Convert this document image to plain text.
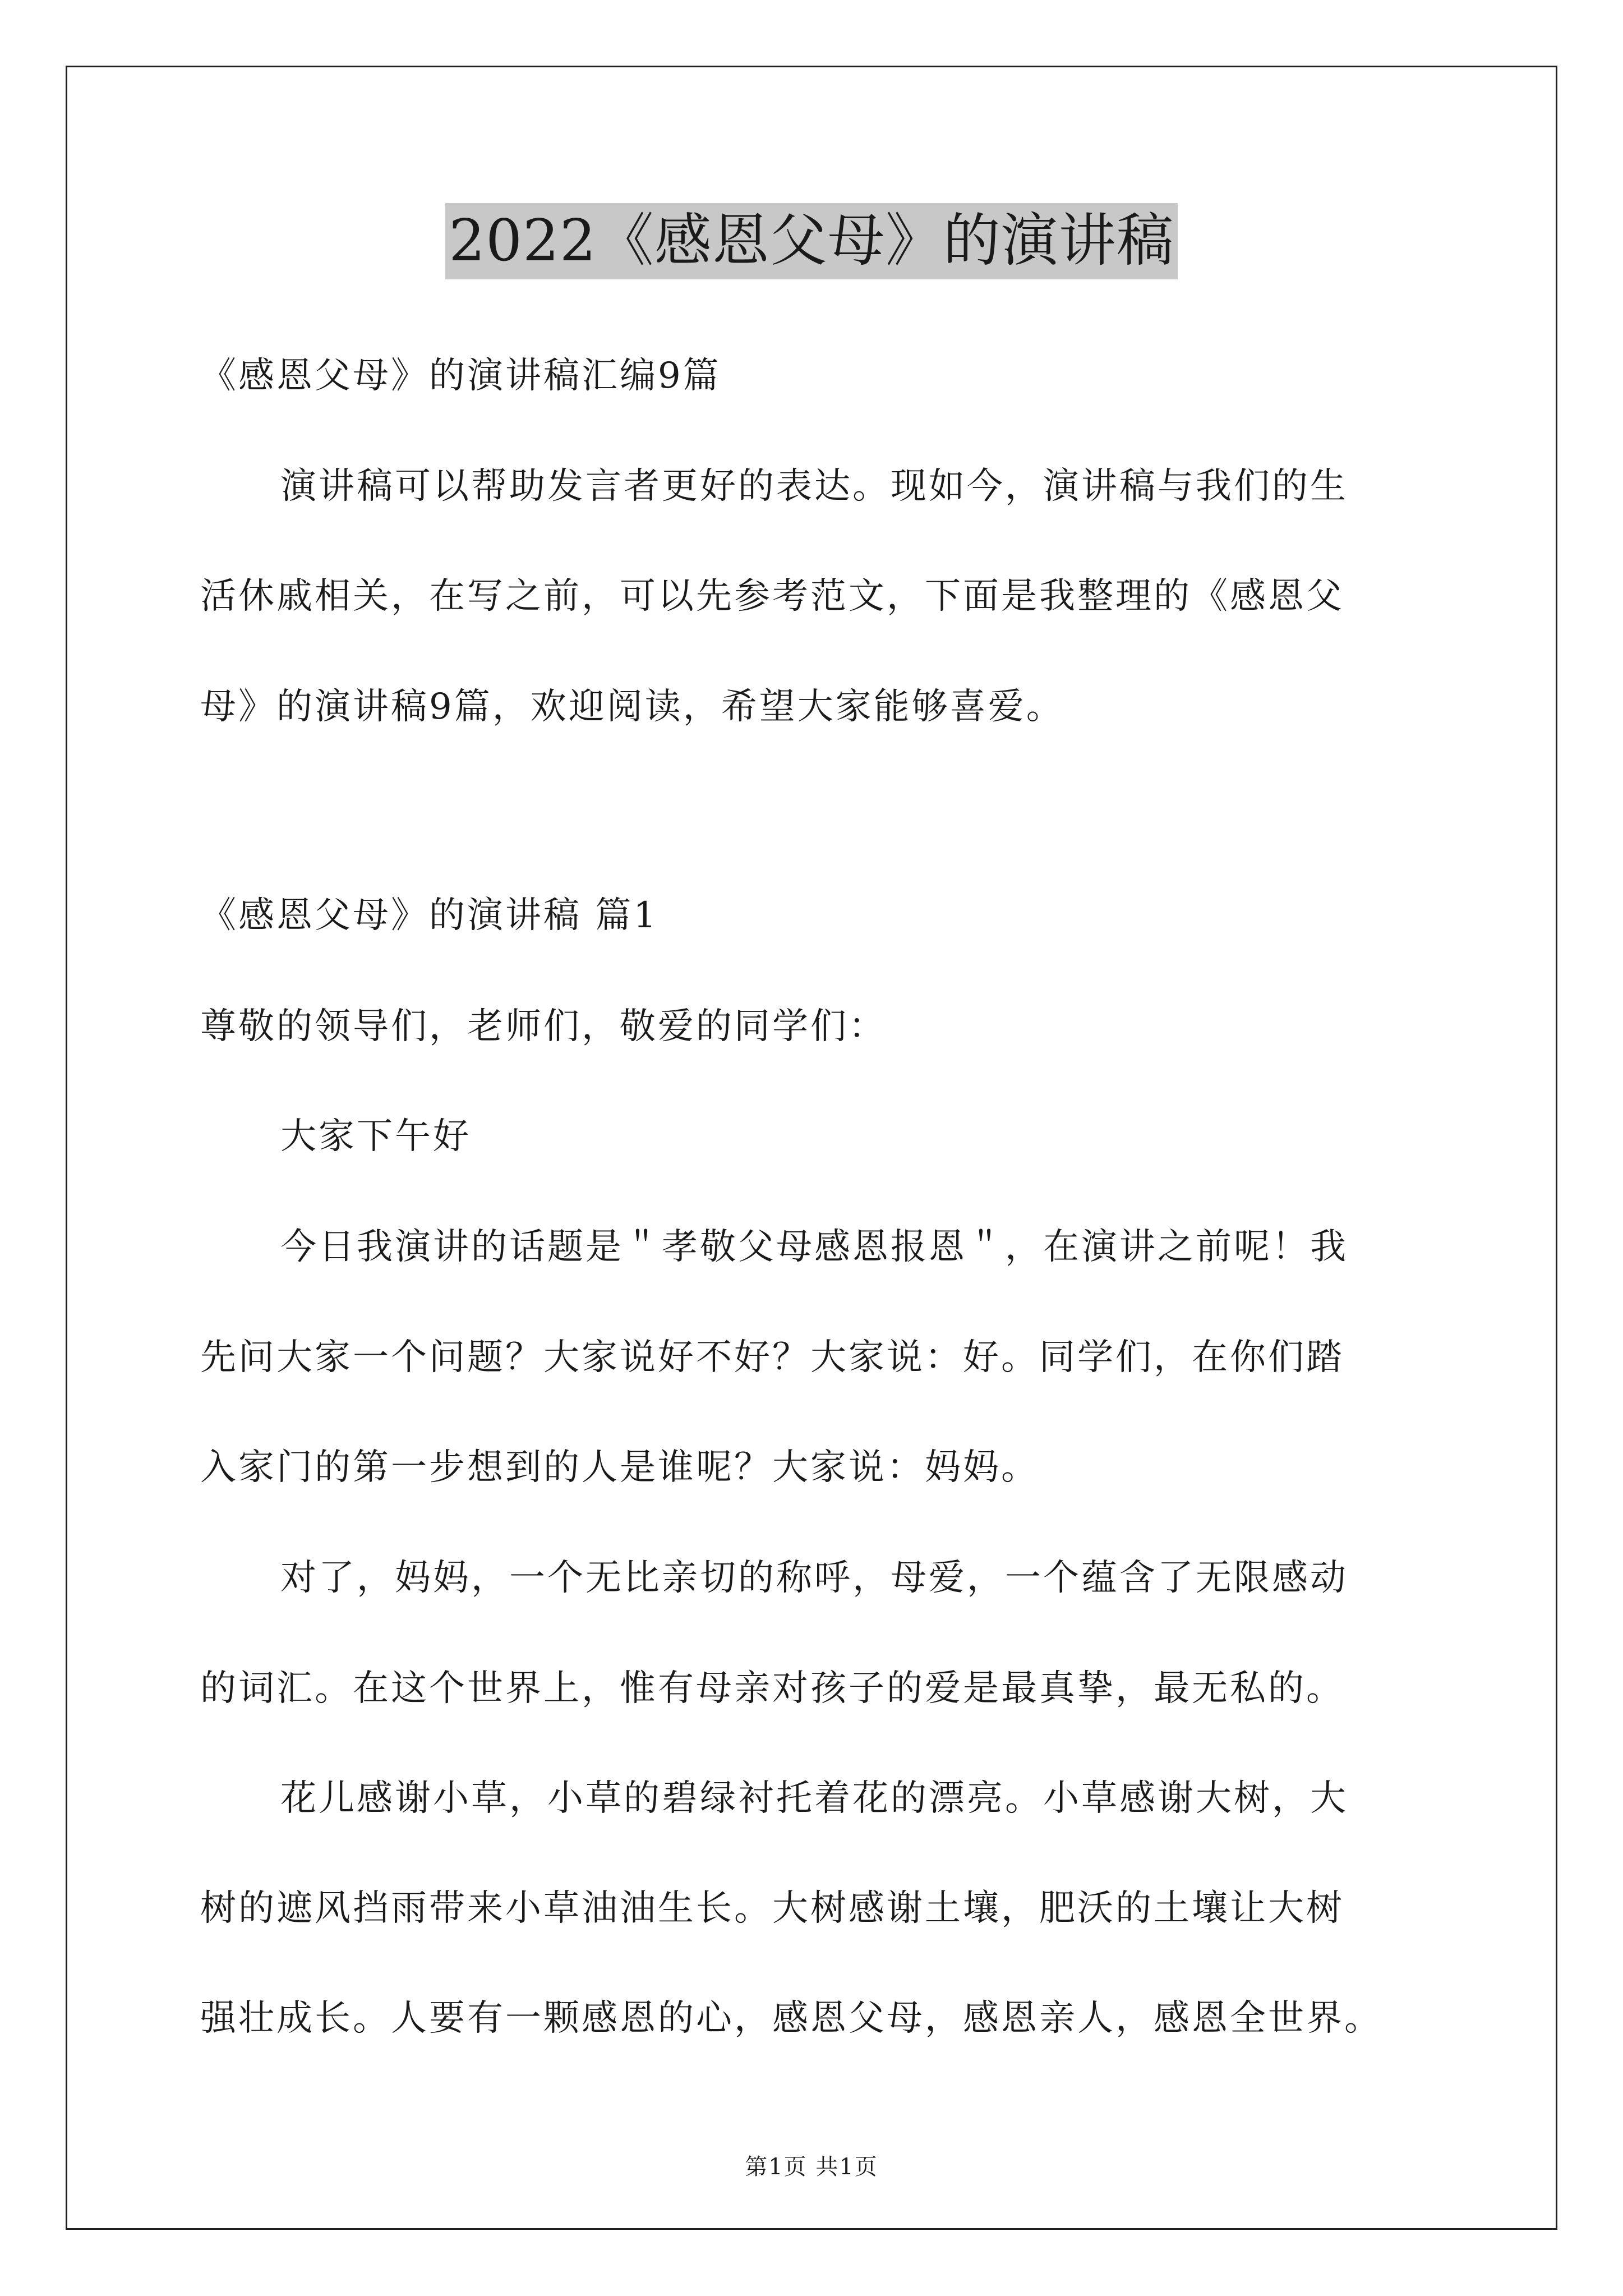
2022《感恩父母》的演讲稿
《感恩父母》的演讲稿汇编9篇
演讲稿可以帮助发言者更好的表达。现如今，演讲稿与我们的生
活休戚相关，在写之前，可以先参考范文，下面是我整理的《感恩父
母》的演讲稿9篇，欢迎阅读，希望大家能够喜爱。
《感恩父母》的演讲稿 篇1
尊敬的领导们，老师们，敬爱的同学们：
大家下午好
今日我演讲的话题是＂孝敬父母感恩报恩＂，在演讲之前呢！我
先问大家一个问题？大家说好不好？大家说：好。同学们，在你们踏
入家门的第一步想到的人是谁呢？大家说：妈妈。
对了，妈妈，一个无比亲切的称呼，母爱，一个蕴含了无限感动
的词汇。在这个世界上，惟有母亲对孩子的爱是最真挚，最无私的。
花儿感谢小草，小草的碧绿衬托着花的漂亮。小草感谢大树，大
树的遮风挡雨带来小草油油生长。大树感谢土壤，肥沃的土壤让大树
强壮成长。人要有一颗感恩的心，感恩父母，感恩亲人，感恩全世界。
第1页 共1页
